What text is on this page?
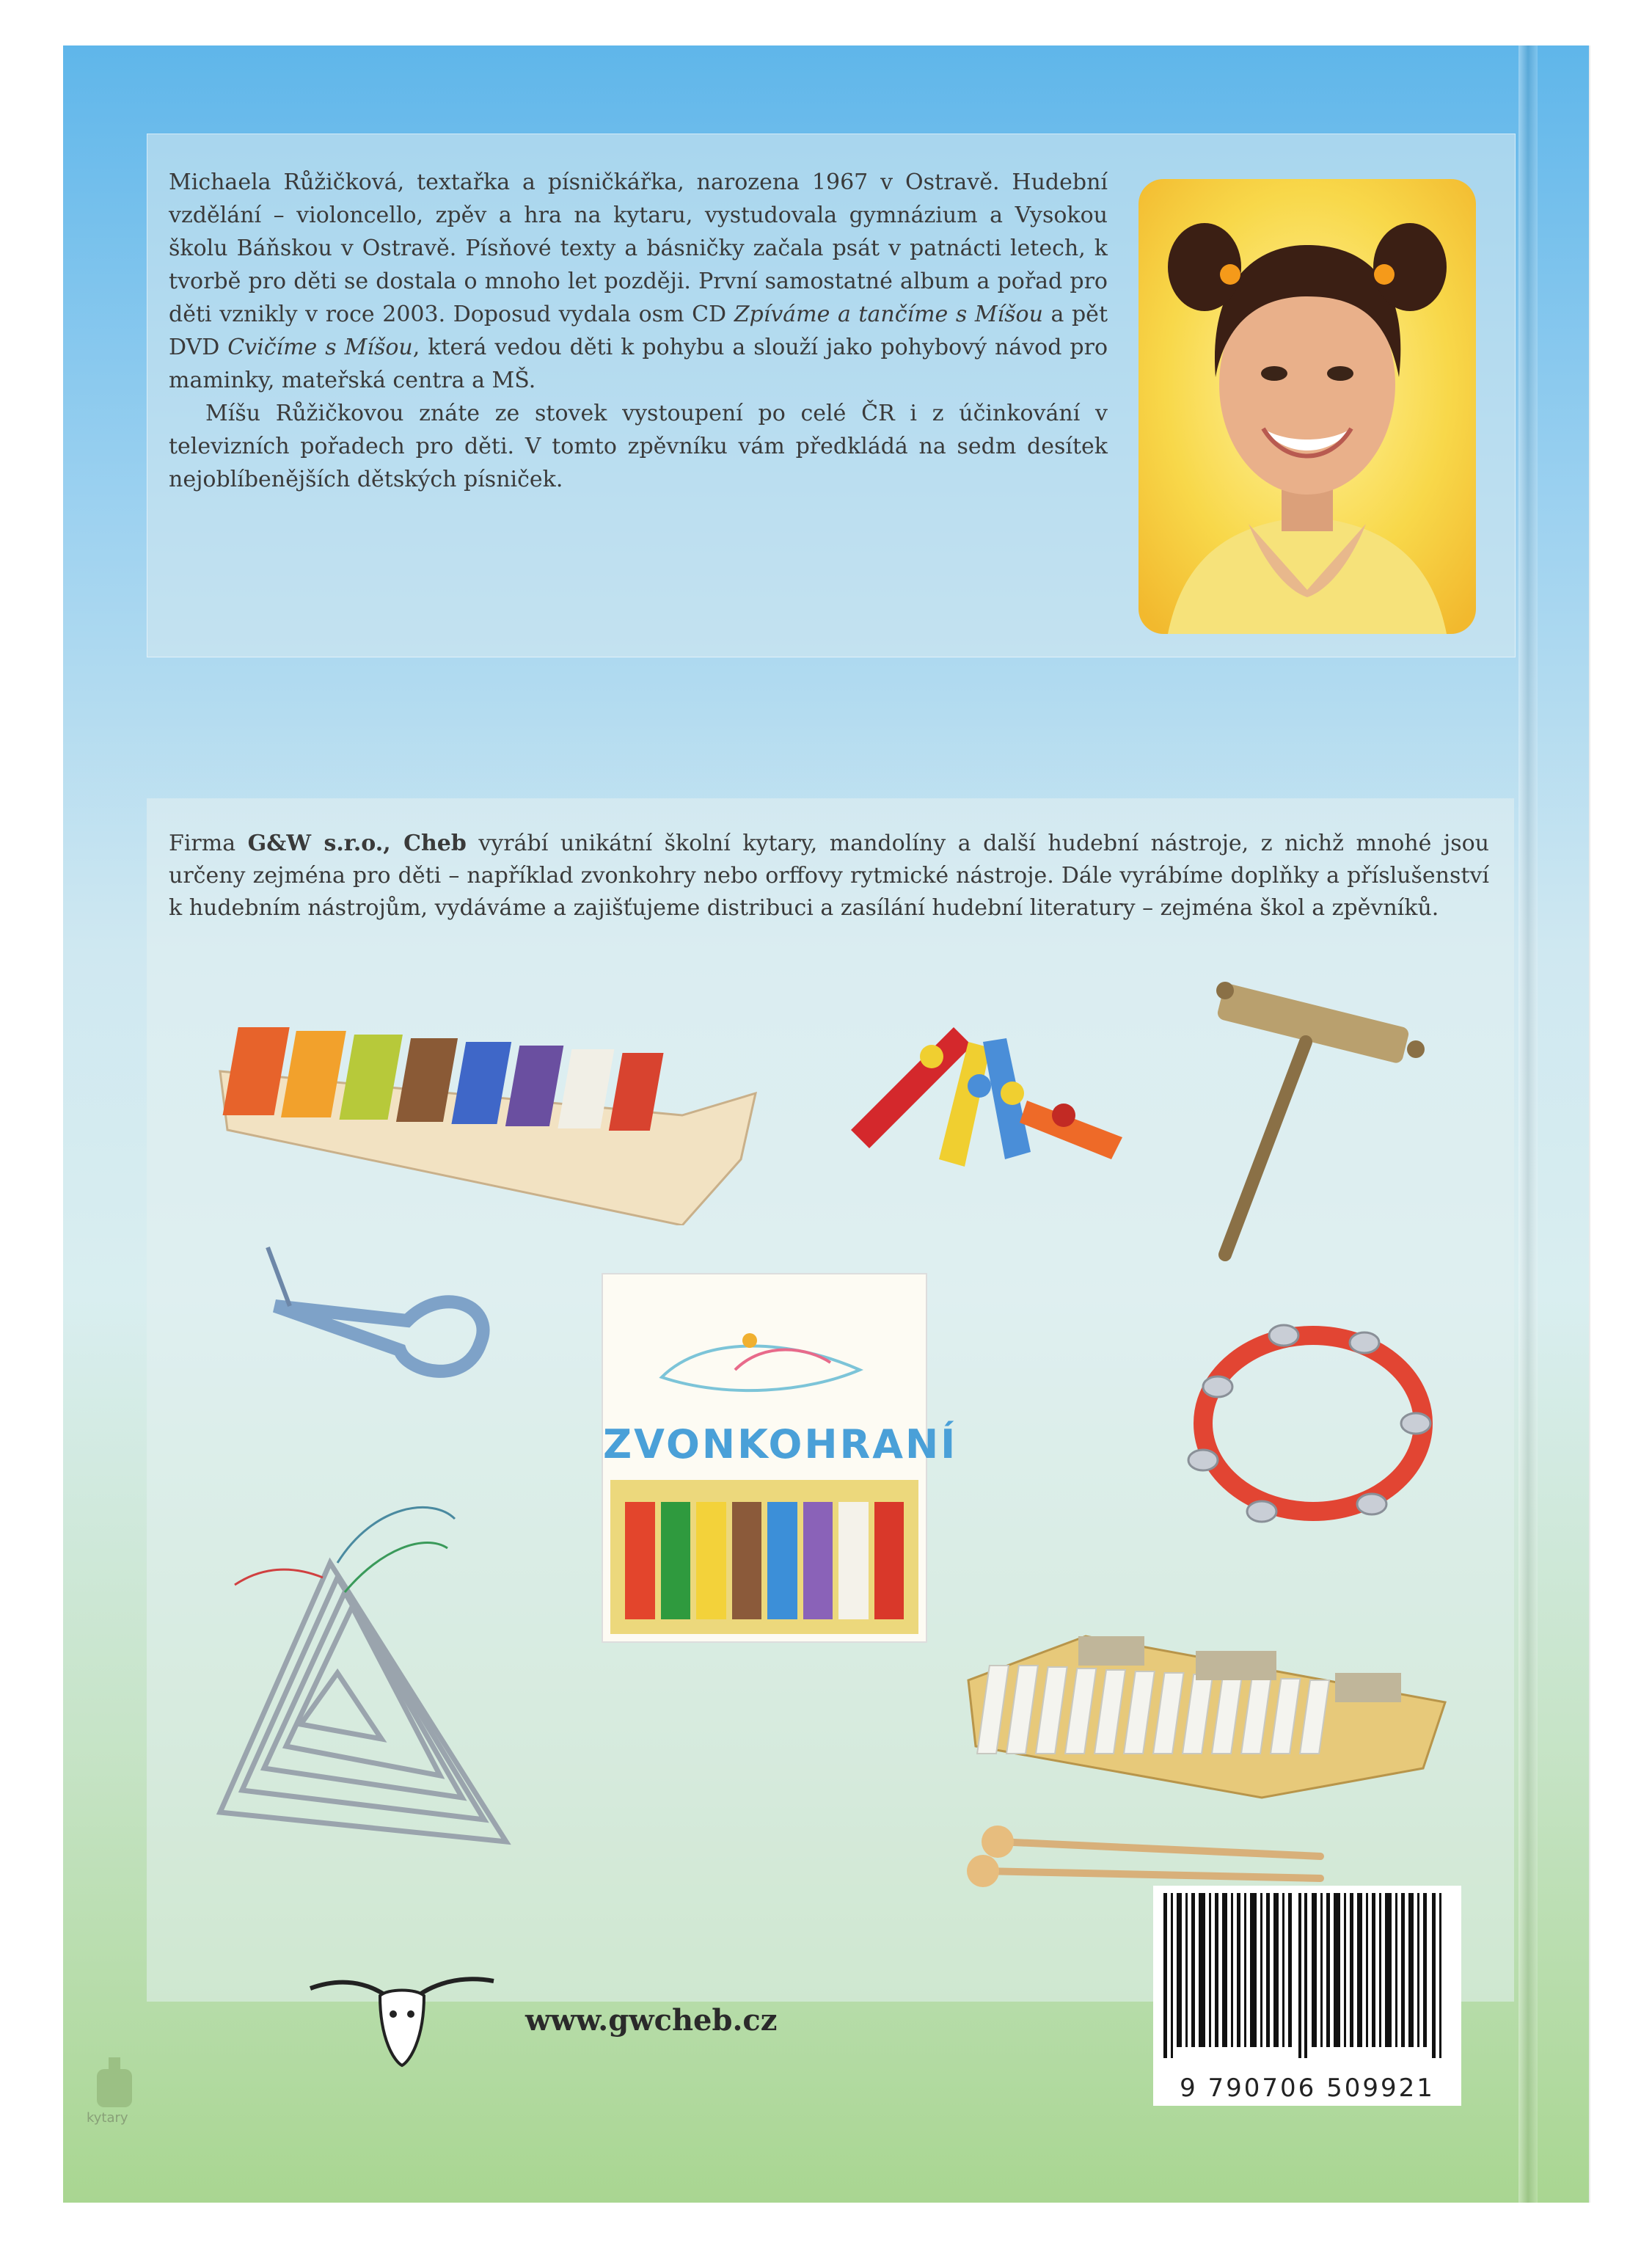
Michaela Růžičková, textařka a písničkářka, narozena 1967 v Ostravě. Hudební vzdělání – violoncello, zpěv a hra na kytaru, vystudovala gymnázium a Vysokou školu Báňskou v Ostravě. Písňové texty a básničky začala psát v patnácti letech, k tvorbě pro děti se dostala o mnoho let později. První samostatné album a pořad pro děti vznikly v roce 2003. Doposud vydala osm CD Zpíváme a tančíme s Míšou a pět DVD Cvičíme s Míšou, která vedou děti k pohybu a slouží jako pohybový návod pro maminky, mateřská centra a MŠ.

Míšu Růžičkovou znáte ze stovek vystoupení po celé ČR i z účinkování v televizních pořadech pro děti. V tomto zpěvníku vám předkládá na sedm desítek nejoblíbenějších dětských písniček.

Firma G&W s.r.o., Cheb vyrábí unikátní školní kytary, mandolíny a další hudební nástroje, z nichž mnohé jsou určeny zejména pro děti – například zvonkohry nebo orffovy rytmické nástroje. Dále vyrábíme doplňky a příslušenství k hudebním nástrojům, vydáváme a zajišťujeme distribuci a zasílání hudební literatury – zejména škol a zpěvníků.
ZVONKOHRANÍ
www.gwcheb.cz
9 790706 509921
kytary
